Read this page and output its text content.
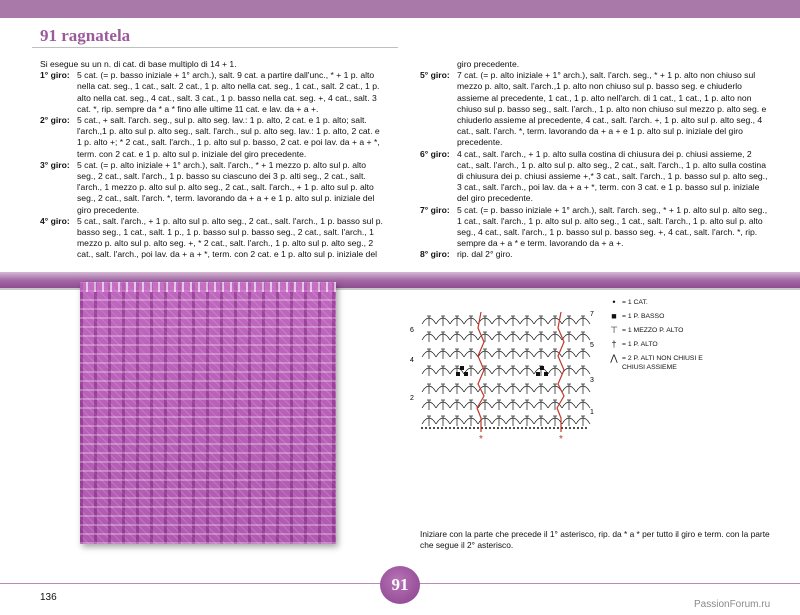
91 ragnatela

Si esegue su un n. di cat. di base multiplo di 14 + 1.

1° giro: 5 cat. (= p. basso iniziale + 1° arch.), salt. 9 cat. a partire dall'unc., * + 1 p. alto nella cat. seg., 1 cat., salt. 2 cat., 1 p. alto nella cat. seg., 1 cat., salt. 2 cat., 1 p. alto nella cat. seg., 4 cat., salt. 3 cat., 1 p. basso nella cat. seg. +, 4 cat., salt. 3 cat. *, rip. sempre da * a * fino alle ultime 11 cat. e lav. da + a +.
2° giro: 5 cat., + salt. l'arch. seg., sul p. alto seg. lav.: 1 p. alto, 2 cat. e 1 p. alto; salt. l'arch.,1 p. alto sul p. alto seg., salt. l'arch., sul p. alto seg. lav.: 1 p. alto, 2 cat. e 1 p. alto +; * 2 cat., salt. l'arch., 1 p. alto sul p. basso, 2 cat. e poi lav. da + a + *, term. con 2 cat. e 1 p. alto sul p. iniziale del giro precedente.
3° giro: 5 cat. (= p. alto iniziale + 1° arch.), salt. l'arch., * + 1 mezzo p. alto sul p. alto seg., 2 cat., salt. l'arch., 1 p. basso su ciascuno dei 3 p. alti seg., 2 cat., salt. l'arch., 1 mezzo p. alto sul p. alto seg., 2 cat., salt. l'arch., + 1 p. alto sul p. alto seg., 2 cat., salt. l'arch. *, term. lavorando da + a + e 1 p. alto sul p. iniziale del giro precedente.
4° giro: 5 cat., salt. l'arch., + 1 p. alto sul p. alto seg., 2 cat., salt. l'arch., 1 p. basso sul p. basso seg., 1 cat., salt. 1 p., 1 p. basso sul p. basso seg., 2 cat., salt. l'arch., 1 mezzo p. alto sul p. alto seg. +, * 2 cat., salt. l'arch., 1 p. alto sul p. alto seg., 2 cat., salt. l'arch., poi lav. da + a + *, term. con 2 cat. e 1 p. alto sul p. iniziale del

giro precedente.

5° giro: 7 cat. (= p. alto iniziale + 1° arch.), salt. l'arch. seg., * + 1 p. alto non chiuso sul mezzo p. alto, salt. l'arch.,1 p. alto non chiuso sul p. basso seg. e chiuderlo assieme al precedente, 1 cat., 1 p. alto nell'arch. di 1 cat., 1 cat., 1 p. alto non chiuso sul p. basso seg., salt. l'arch., 1 p. alto non chiuso sul mezzo p. alto seg. e chiuderlo assieme al precedente, 4 cat., salt. l'arch. +, 1 p. alto sul p. alto seg., 4 cat., salt. l'arch. *, term. lavorando da + a + e 1 p. alto sul p. iniziale del giro precedente.
6° giro: 4 cat., salt. l'arch., + 1 p. alto sulla costina di chiusura dei p. chiusi assieme, 2 cat., salt. l'arch., 1 p. alto sul p. alto seg., 2 cat., salt. l'arch., 1 p. alto sulla costina di chiusura dei p. chiusi assieme +,* 3 cat., salt. l'arch., 1 p. basso sul p. alto seg., 3 cat., salt. l'arch., poi lav. da + a + *, term. con 3 cat. e 1 p. basso sul p. iniziale del giro precedente.
7° giro: 5 cat. (= p. basso iniziale + 1° arch.), salt. l'arch. seg., * + 1 p. alto sul p. alto seg., 1 cat., salt. l'arch., 1 p. alto sul p. alto seg., 1 cat., salt. l'arch., 1 p. alto sul p. alto seg., 4 cat., salt. l'arch., 1 p. basso sul p. basso seg. +, 4 cat., salt. l'arch. *, rip. sempre da + a * e term. lavorando da + a +.
8° giro: rip. dal 2° giro.
6
4
2
7
5
3
1
*	*
• = 1 CAT.
■ = 1 P. BASSO
⊤ = 1 MEZZO P. ALTO
† = 1 P. ALTO
⋀ = 2 P. ALTI NON CHIUSI E CHIUSI ASSIEME
Iniziare con la parte che precede il 1° asterisco, rip. da * a * per tutto il giro e term. con la parte che segue il 2° asterisco.
136
91
PassionForum.ru
